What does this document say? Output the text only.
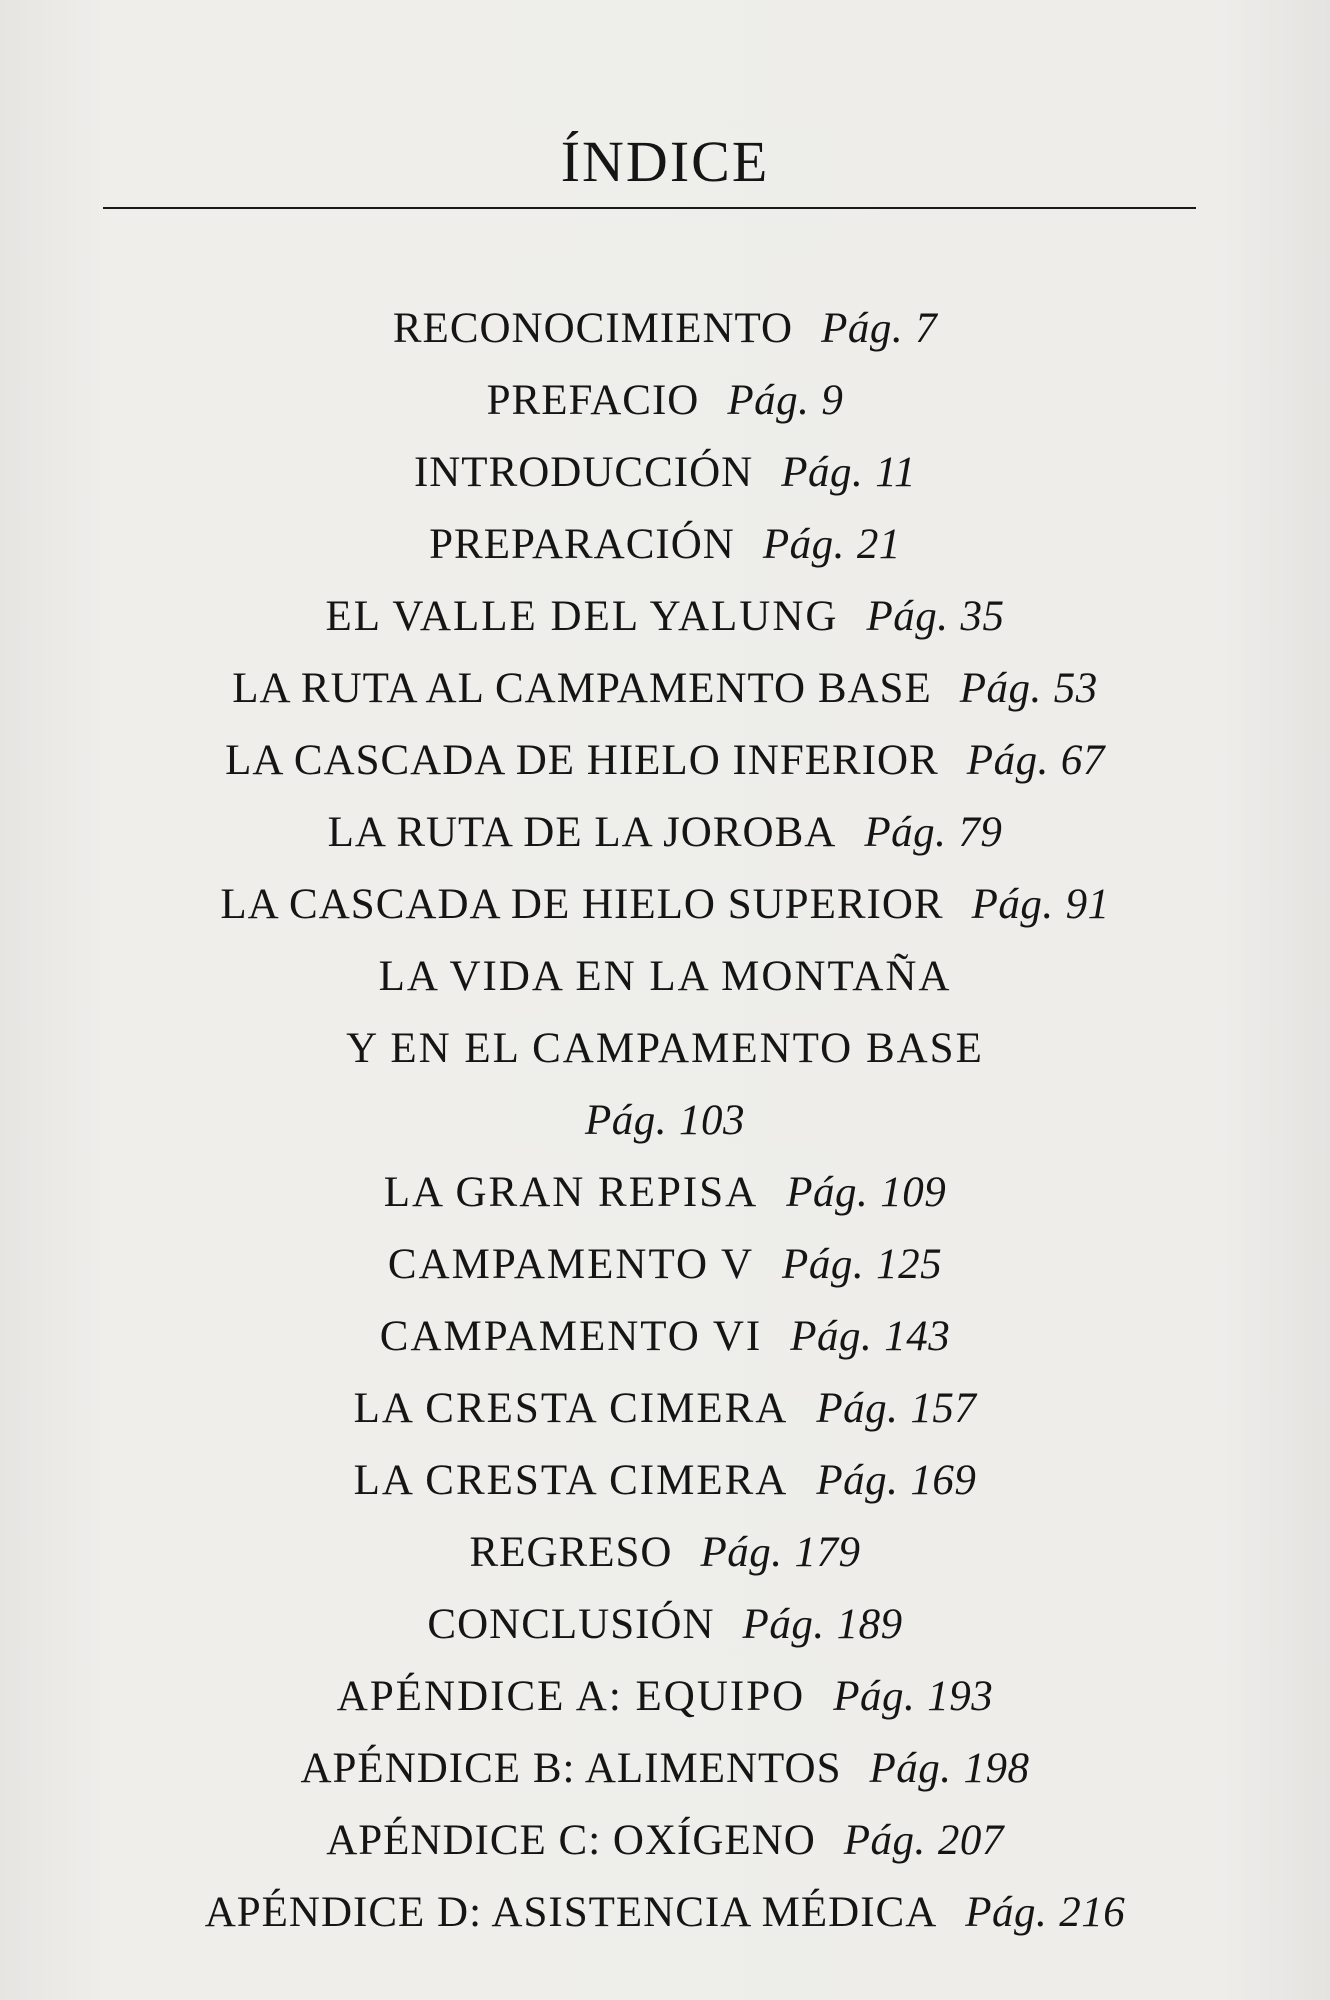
ÍNDICE
RECONOCIMIENTO Pág. 7
PREFACIO Pág. 9
INTRODUCCIÓN Pág. 11
PREPARACIÓN Pág. 21
EL VALLE DEL YALUNG Pág. 35
LA RUTA AL CAMPAMENTO BASE Pág. 53
LA CASCADA DE HIELO INFERIOR Pág. 67
LA RUTA DE LA JOROBA Pág. 79
LA CASCADA DE HIELO SUPERIOR Pág. 91
LA VIDA EN LA MONTAÑA
Y EN EL CAMPAMENTO BASE
Pág. 103
LA GRAN REPISA Pág. 109
CAMPAMENTO V Pág. 125
CAMPAMENTO VI Pág. 143
LA CRESTA CIMERA Pág. 157
LA CRESTA CIMERA Pág. 169
REGRESO Pág. 179
CONCLUSIÓN Pág. 189
APÉNDICE A: EQUIPO Pág. 193
APÉNDICE B: ALIMENTOS Pág. 198
APÉNDICE C: OXÍGENO Pág. 207
APÉNDICE D: ASISTENCIA MÉDICA Pág. 216
